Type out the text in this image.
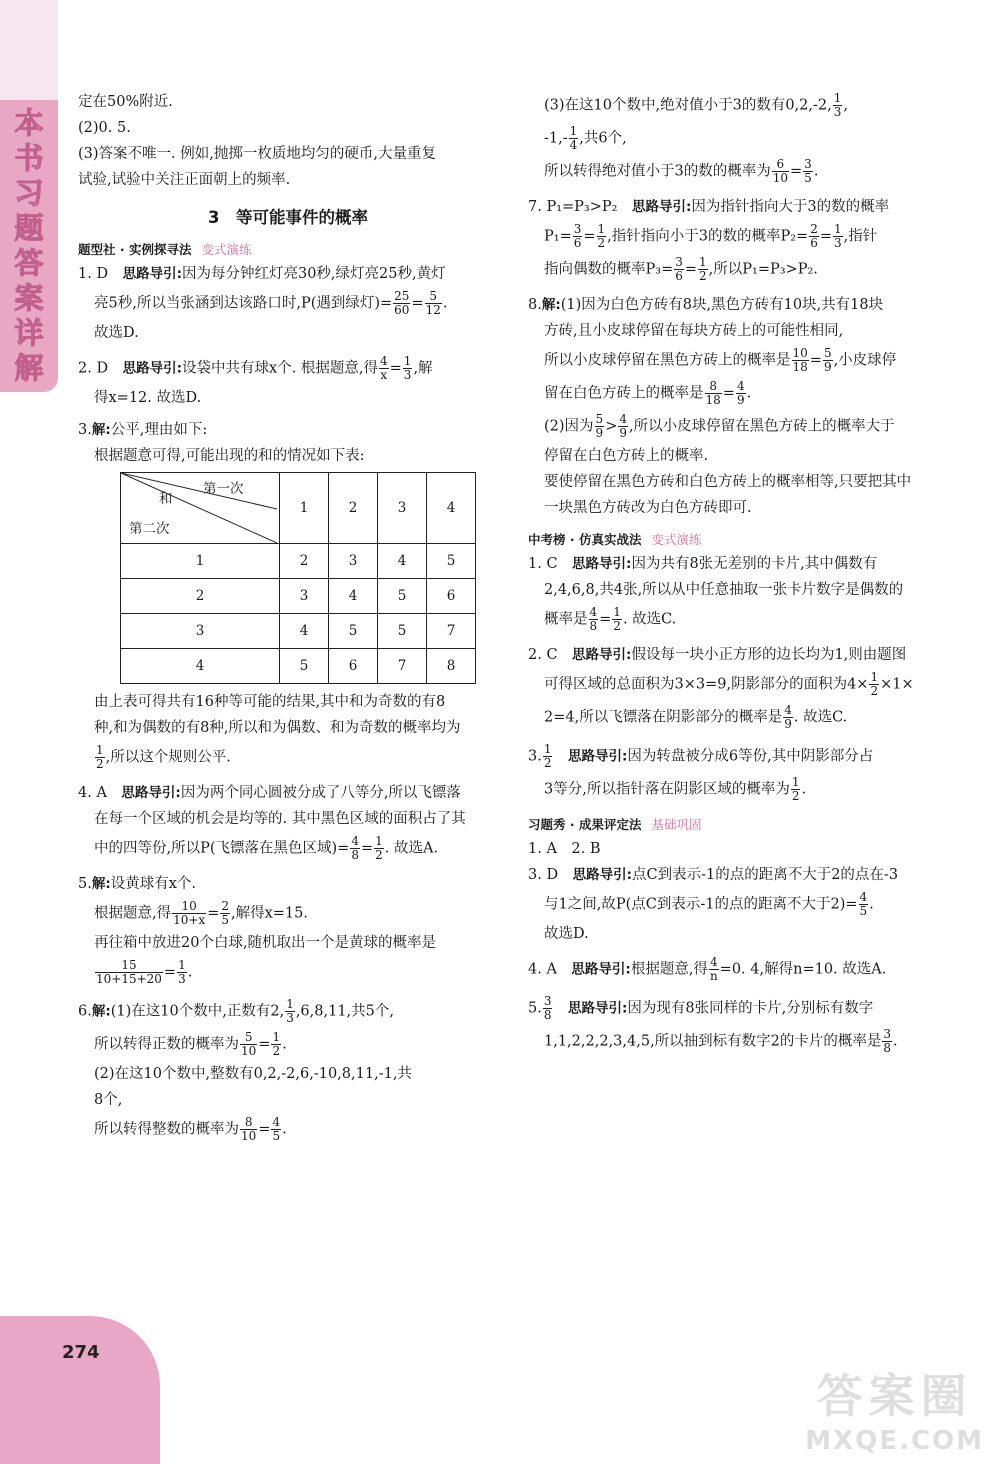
本
书
习
题
答
案
详
解
274

定在50%附近.

(2)0. 5.

(3)答案不唯一. 例如,抛掷一枚质地均匀的硬币,大量重复

试验,试验中关注正面朝上的频率.

3　等可能事件的概率
题型社 · 实例探寻法 变式演练

1. D　思路导引:因为每分钟红灯亮30秒,绿灯亮25秒,黄灯

亮5秒,所以当张涵到达该路口时,P(遇到绿灯)= $\frac{25}{60} = \frac{5}{12}$ .

故选D.

2. D　思路导引:设袋中共有球x个. 根据题意,得 $\frac{4}{x} = \frac{1}{3}$ ,解

得x=12. 故选D.

3.解:公平,理由如下:

根据题意可得,可能出现的和的情况如下表:

和
第一次
第二次	1	2	3	4
1	2	3	4	5
2	3	4	5	6
3	4	5	5	7
4	5	6	7	8

由上表可得共有16种等可能的结果,其中和为奇数的有8

种,和为偶数的有8种,所以和为偶数、和为奇数的概率均为

$\frac{1}{2}$ ,所以这个规则公平.

4. A　思路导引:因为两个同心圆被分成了八等分,所以飞镖落

在每一个区域的机会是均等的. 其中黑色区域的面积占了其

中的四等份,所以P(飞镖落在黑色区域)= $\frac{4}{8} = \frac{1}{2}$ . 故选A.

5.解:设黄球有x个.

根据题意,得 $\frac{10}{10+x} = \frac{2}{5}$ ,解得x=15.

再往箱中放进20个白球,随机取出一个是黄球的概率是

$\frac{15}{10+15+20} = \frac{1}{3}$ .

6.解:(1)在这10个数中,正数有2, $\frac{1}{3} ,6,8,11$,共5个,

所以转得正数的概率为 $\frac{5}{10} = \frac{1}{2}$ .

(2)在这10个数中,整数有0,2,-2,6,-10,8,11,-1,共

8个,

所以转得整数的概率为 $\frac{8}{10} = \frac{4}{5}$ .

(3)在这10个数中,绝对值小于3的数有0,2,-2, $\frac{1}{3}$ ,

$-1,- \frac{1}{4}$ ,共6个,

所以转得绝对值小于3的数的概率为 $\frac{6}{10} = \frac{3}{5}$ .

7. P₁=P₃>P₂　思路导引:因为指针指向大于3的数的概率

$P_1= \frac{3}{6} = \frac{1}{2}$ ,指针指向小于3的数的概率$P_2= \frac{2}{6} = \frac{1}{3}$ ,指针

指向偶数的概率$P_3= \frac{3}{6} = \frac{1}{2}$ ,所以P₁=P₃>P₂.

8.解:(1)因为白色方砖有8块,黑色方砖有10块,共有18块

方砖,且小皮球停留在每块方砖上的可能性相同,

所以小皮球停留在黑色方砖上的概率是 $\frac{10}{18} = \frac{5}{9}$ ,小皮球停

留在白色方砖上的概率是 $\frac{8}{18} = \frac{4}{9}$ .

(2)因为 $\frac{5}{9} > \frac{4}{9}$ ,所以小皮球停留在黑色方砖上的概率大于

停留在白色方砖上的概率.

要使停留在黑色方砖和白色方砖上的概率相等,只要把其中

一块黑色方砖改为白色方砖即可.

中考榜 · 仿真实战法 变式演练

1. C　思路导引:因为共有8张无差别的卡片,其中偶数有

2,4,6,8,共4张,所以从中任意抽取一张卡片数字是偶数的

概率是 $\frac{4}{8} = \frac{1}{2}$ . 故选C.

2. C　思路导引:假设每一块小正方形的边长均为1,则由题图

可得区域的总面积为3×3=9,阴影部分的面积为$4\times \frac{1}{2} \times 1\times$

2=4,所以飞镖落在阴影部分的概率是 $\frac{4}{9}$ . 故选C.

3. $\frac{1}{2}$
　 思路导引:因为转盘被分成6等份,其中阴影部分占

3等分,所以指针落在阴影区域的概率为 $\frac{1}{2}$ .

习题秀 · 成果评定法 基础巩固

1. A　2. B

3. D　思路导引:点C到表示-1的点的距离不大于2的点在-3

与1之间,故P(点C到表示-1的点的距离不大于$2)= \frac{4}{5}$ .

故选D.

4. A　思路导引:根据题意,得 $\frac{4}{n} =0$. 4,解得n=10. 故选A.

5. $\frac{3}{8}$
　 思路导引:因为现有8张同样的卡片,分别标有数字

1,1,2,2,2,3,4,5,所以抽到标有数字2的卡片的概率是 $\frac{3}{8}$ .

答案圈
MXQE.COM
